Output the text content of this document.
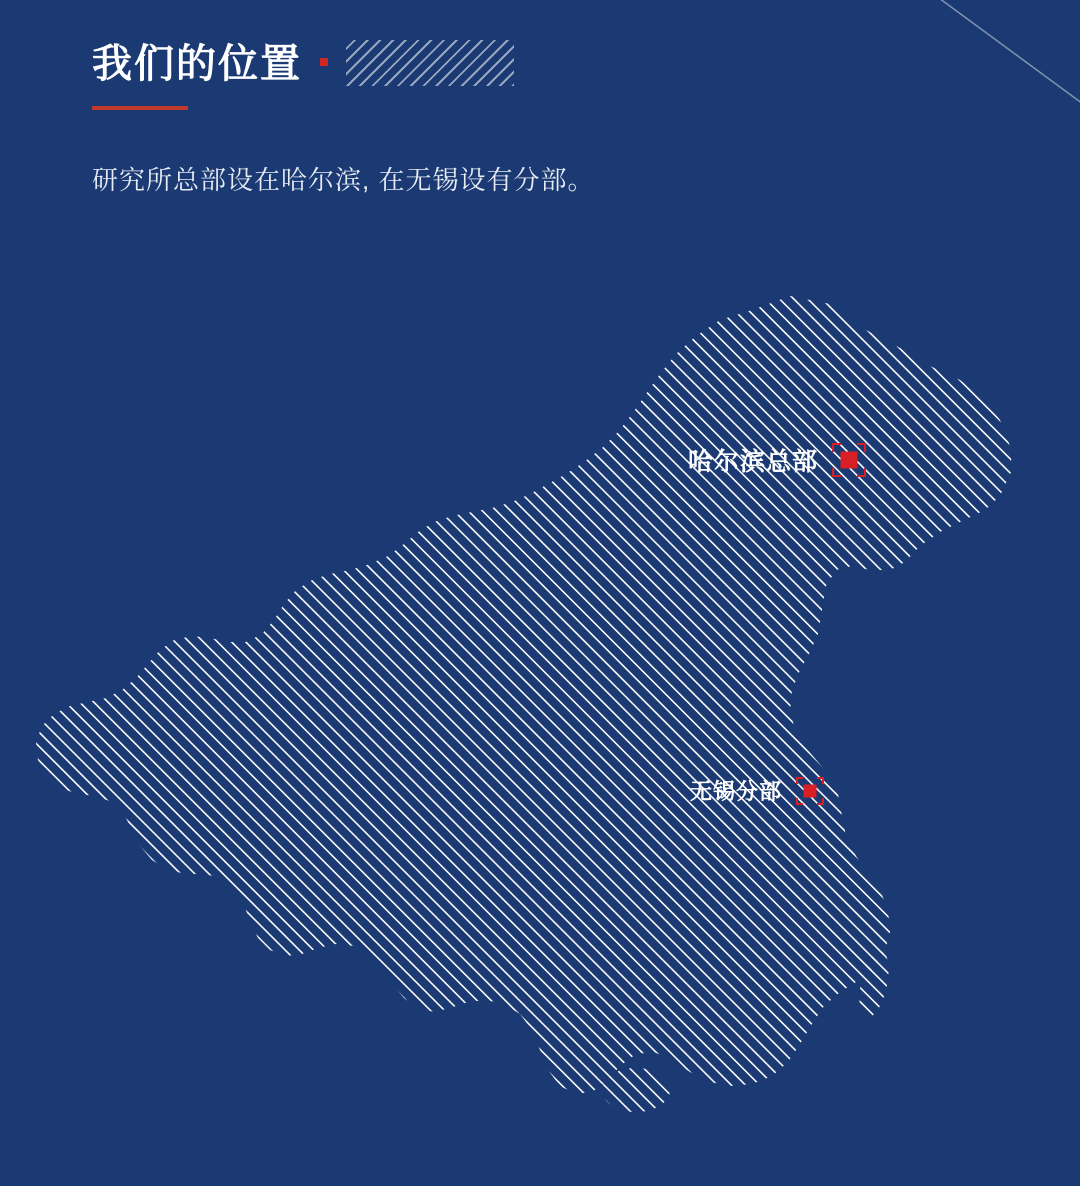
我们的位置

研究所总部设在哈尔滨, 在无锡设有分部。

哈尔滨总部
无锡分部
